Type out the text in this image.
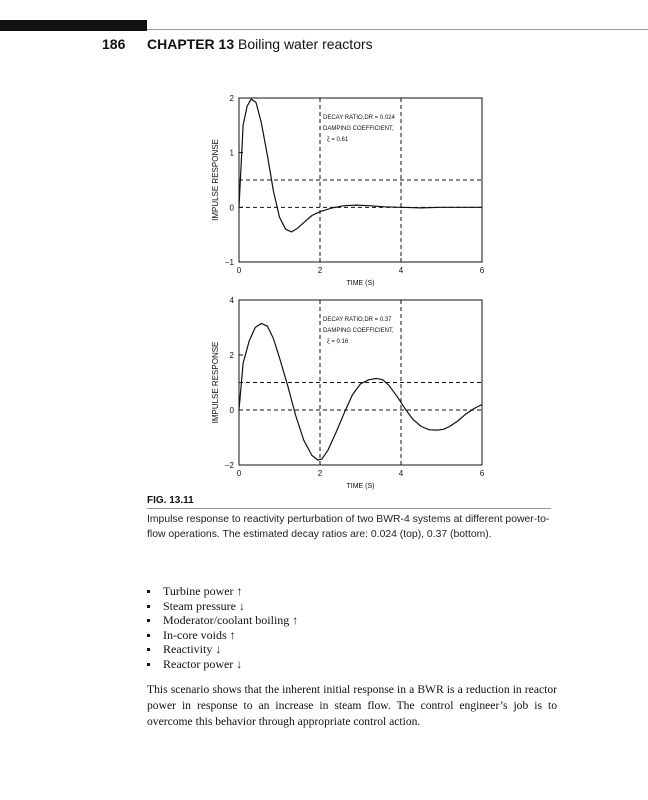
186 CHAPTER 13 Boiling water reactors
0	2	4	6
−1
0
1
2
TIME (S)
IMPULSE RESPONSE
DECAY RATIO,DR = 0.024
DAMPING COEFFICIENT,
ξ = 0.61
0	2	4	6
−2
0
2
4
TIME (S)
IMPULSE RESPONSE
DECAY RATIO,DR = 0.37
DAMPING COEFFICIENT,
ξ = 0.16
FIG. 13.11
Impulse response to reactivity perturbation of two BWR-4 systems at different power-to-flow operations. The estimated decay ratios are: 0.024 (top), 0.37 (bottom).
Turbine power ↑
Steam pressure ↓
Moderator/coolant boiling ↑
In-core voids ↑
Reactivity ↓
Reactor power ↓

This scenario shows that the inherent initial response in a BWR is a reduction in reactor power in response to an increase in steam flow. The control engineer’s job is to overcome this behavior through appropriate control action.
